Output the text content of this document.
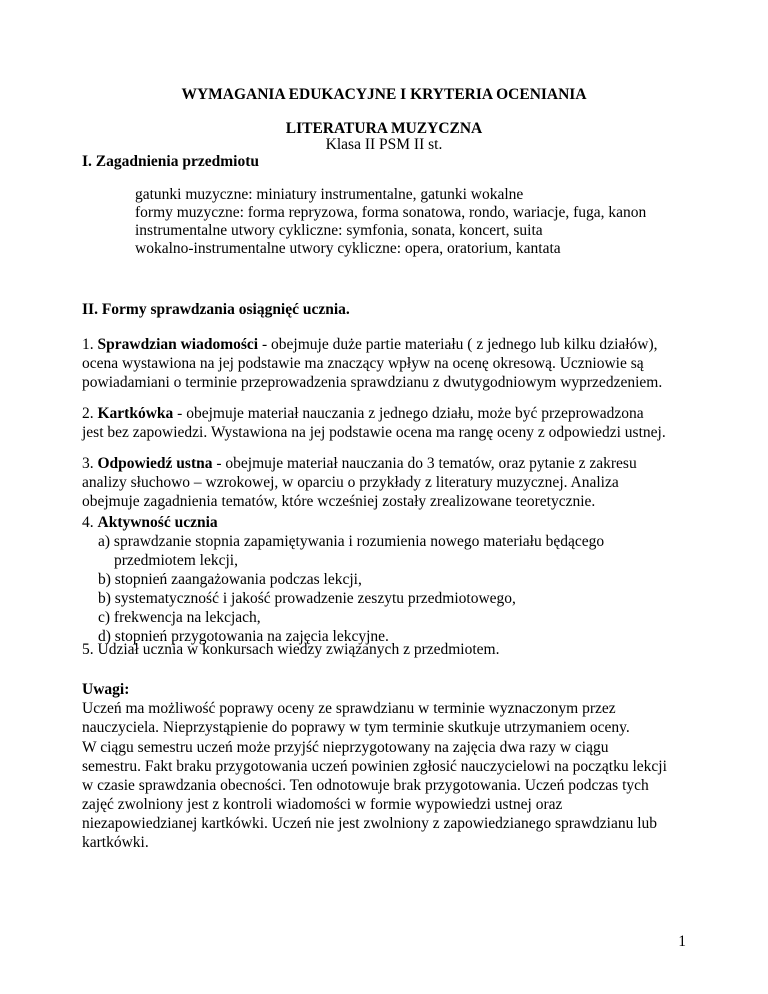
WYMAGANIA EDUKACYJNE I KRYTERIA OCENIANIA
LITERATURA MUZYCZNA
Klasa II PSM II st.
I. Zagadnienia przedmiotu
gatunki muzyczne: miniatury instrumentalne, gatunki wokalne
formy muzyczne: forma repryzowa, forma sonatowa, rondo, wariacje, fuga, kanon
instrumentalne utwory cykliczne: symfonia, sonata, koncert, suita
wokalno-instrumentalne utwory cykliczne: opera, oratorium, kantata
II. Formy sprawdzania osiągnięć ucznia.
1. Sprawdzian wiadomości - obejmuje duże partie materiału ( z jednego lub kilku działów),
ocena wystawiona na jej podstawie ma znaczący wpływ na ocenę okresową. Uczniowie są
powiadamiani o terminie przeprowadzenia sprawdzianu z dwutygodniowym wyprzedzeniem.
2. Kartkówka - obejmuje materiał nauczania z jednego działu, może być przeprowadzona
jest bez zapowiedzi. Wystawiona na jej podstawie ocena ma rangę oceny z odpowiedzi ustnej.
3. Odpowiedź ustna - obejmuje materiał nauczania do 3 tematów, oraz pytanie z zakresu
analizy słuchowo – wzrokowej, w oparciu o przykłady z literatury muzycznej. Analiza
obejmuje zagadnienia tematów, które wcześniej zostały zrealizowane teoretycznie.
4. Aktywność ucznia
a) sprawdzanie stopnia zapamiętywania i rozumienia nowego materiału będącego
przedmiotem lekcji,
b) stopnień zaangażowania podczas lekcji,
b) systematyczność i jakość prowadzenie zeszytu przedmiotowego,
c) frekwencja na lekcjach,
d) stopnień przygotowania na zajęcia lekcyjne.
5. Udział ucznia w konkursach wiedzy związanych z przedmiotem.
Uwagi:
Uczeń ma możliwość poprawy oceny ze sprawdzianu w terminie wyznaczonym przez
nauczyciela. Nieprzystąpienie do poprawy w tym terminie skutkuje utrzymaniem oceny.
W ciągu semestru uczeń może przyjść nieprzygotowany na zajęcia dwa razy w ciągu
semestru. Fakt braku przygotowania uczeń powinien zgłosić nauczycielowi na początku lekcji
w czasie sprawdzania obecności. Ten odnotowuje brak przygotowania. Uczeń podczas tych
zajęć zwolniony jest z kontroli wiadomości w formie wypowiedzi ustnej oraz
niezapowiedzianej kartkówki. Uczeń nie jest zwolniony z zapowiedzianego sprawdzianu lub
kartkówki.
1
